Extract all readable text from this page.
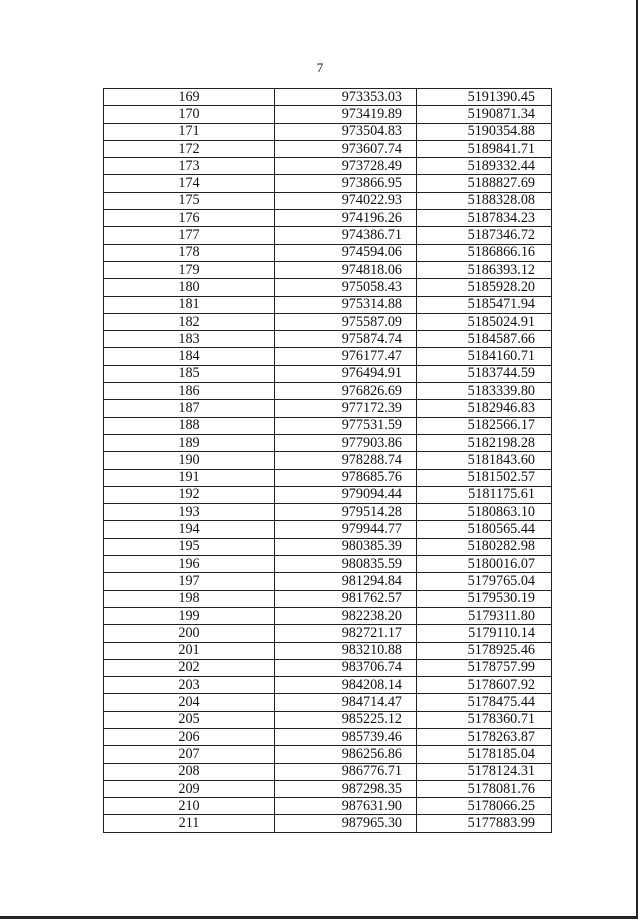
7
169	973353.03	5191390.45
170	973419.89	5190871.34
171	973504.83	5190354.88
172	973607.74	5189841.71
173	973728.49	5189332.44
174	973866.95	5188827.69
175	974022.93	5188328.08
176	974196.26	5187834.23
177	974386.71	5187346.72
178	974594.06	5186866.16
179	974818.06	5186393.12
180	975058.43	5185928.20
181	975314.88	5185471.94
182	975587.09	5185024.91
183	975874.74	5184587.66
184	976177.47	5184160.71
185	976494.91	5183744.59
186	976826.69	5183339.80
187	977172.39	5182946.83
188	977531.59	5182566.17
189	977903.86	5182198.28
190	978288.74	5181843.60
191	978685.76	5181502.57
192	979094.44	5181175.61
193	979514.28	5180863.10
194	979944.77	5180565.44
195	980385.39	5180282.98
196	980835.59	5180016.07
197	981294.84	5179765.04
198	981762.57	5179530.19
199	982238.20	5179311.80
200	982721.17	5179110.14
201	983210.88	5178925.46
202	983706.74	5178757.99
203	984208.14	5178607.92
204	984714.47	5178475.44
205	985225.12	5178360.71
206	985739.46	5178263.87
207	986256.86	5178185.04
208	986776.71	5178124.31
209	987298.35	5178081.76
210	987631.90	5178066.25
211	987965.30	5177883.99
